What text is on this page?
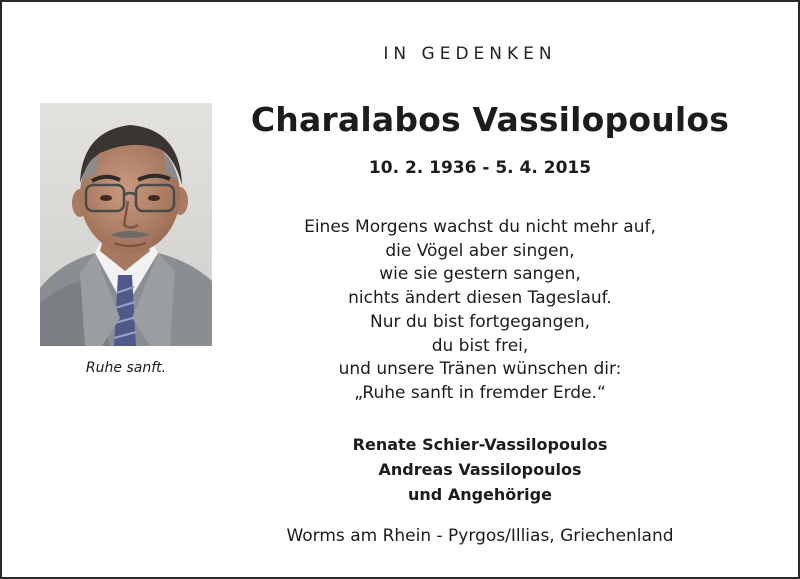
IN GEDENKEN
Charalabos Vassilopoulos
10. 2. 1936 - 5. 4. 2015
Eines Morgens wachst du nicht mehr auf,
die Vögel aber singen,
wie sie gestern sangen,
nichts ändert diesen Tageslauf.
Nur du bist fortgegangen,
du bist frei,
und unsere Tränen wünschen dir:
„Ruhe sanft in fremder Erde.“
Renate Schier-Vassilopoulos
Andreas Vassilopoulos
und Angehörige
Worms am Rhein - Pyrgos/Illias, Griechenland
Ruhe sanft.
